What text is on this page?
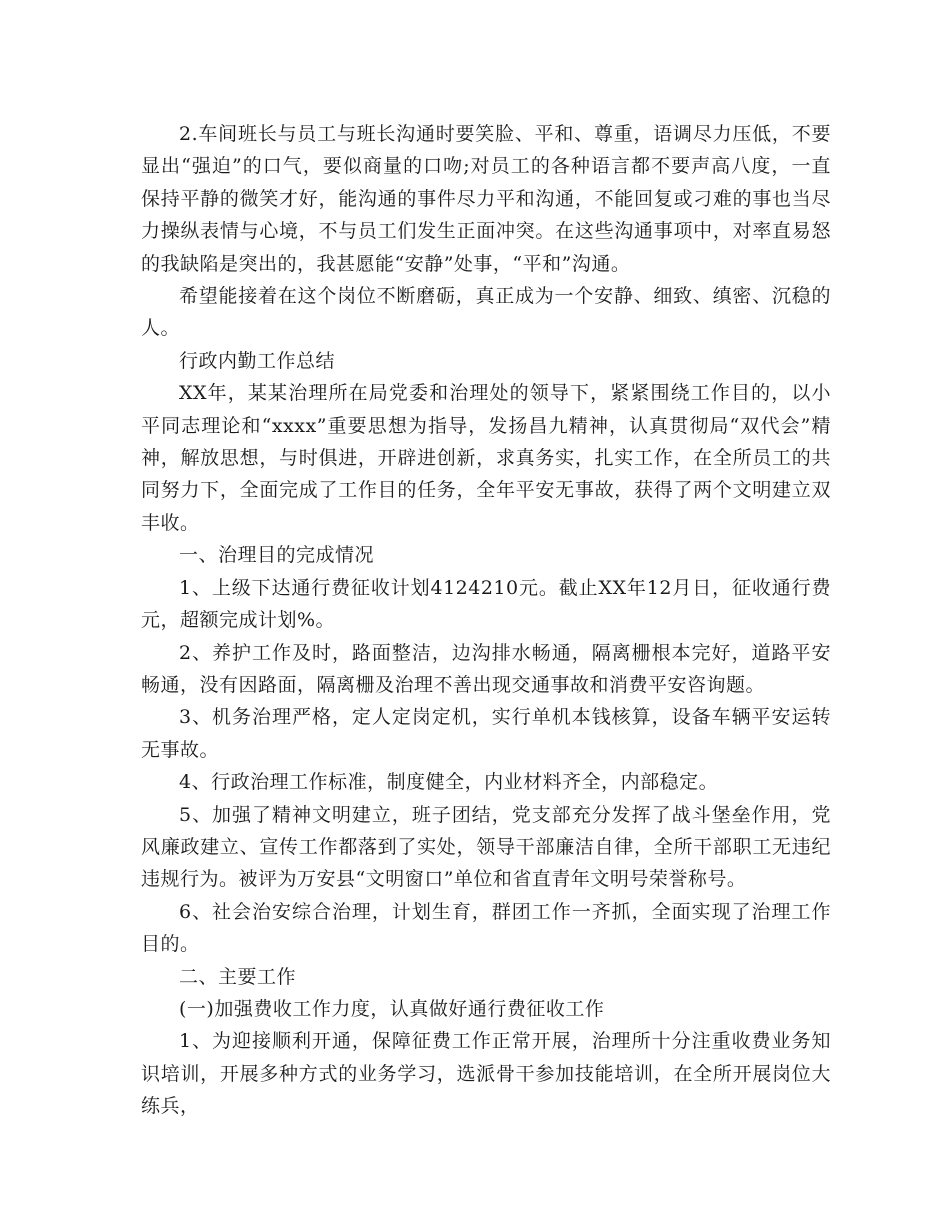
2.车间班长与员工与班长沟通时要笑脸、平和、尊重，语调尽力压低，不要显出“强迫”的口气，要似商量的口吻;对员工的各种语言都不要声高八度，一直保持平静的微笑才好，能沟通的事件尽力平和沟通，不能回复或刁难的事也当尽力操纵表情与心境，不与员工们发生正面冲突。在这些沟通事项中，对率直易怒的我缺陷是突出的，我甚愿能“安静”处事，“平和”沟通。

希望能接着在这个岗位不断磨砺，真正成为一个安静、细致、缜密、沉稳的人。

行政内勤工作总结

XX年，某某治理所在局党委和治理处的领导下，紧紧围绕工作目的，以小平同志理论和“xxxx”重要思想为指导，发扬昌九精神，认真贯彻局“双代会”精神，解放思想，与时俱进，开辟进创新，求真务实，扎实工作，在全所员工的共同努力下，全面完成了工作目的任务，全年平安无事故，获得了两个文明建立双丰收。

一、治理目的完成情况

1、上级下达通行费征收计划4124210元。截止XX年12月日，征收通行费元，超额完成计划%。

2、养护工作及时，路面整洁，边沟排水畅通，隔离栅根本完好，道路平安畅通，没有因路面，隔离栅及治理不善出现交通事故和消费平安咨询题。

3、机务治理严格，定人定岗定机，实行单机本钱核算，设备车辆平安运转无事故。

4、行政治理工作标准，制度健全，内业材料齐全，内部稳定。

5、加强了精神文明建立，班子团结，党支部充分发挥了战斗堡垒作用，党风廉政建立、宣传工作都落到了实处，领导干部廉洁自律，全所干部职工无违纪违规行为。被评为万安县“文明窗口”单位和省直青年文明号荣誉称号。

6、社会治安综合治理，计划生育，群团工作一齐抓，全面实现了治理工作目的。

二、主要工作

(一)加强费收工作力度，认真做好通行费征收工作

1、为迎接顺利开通，保障征费工作正常开展，治理所十分注重收费业务知识培训，开展多种方式的业务学习，选派骨干参加技能培训，在全所开展岗位大练兵，
